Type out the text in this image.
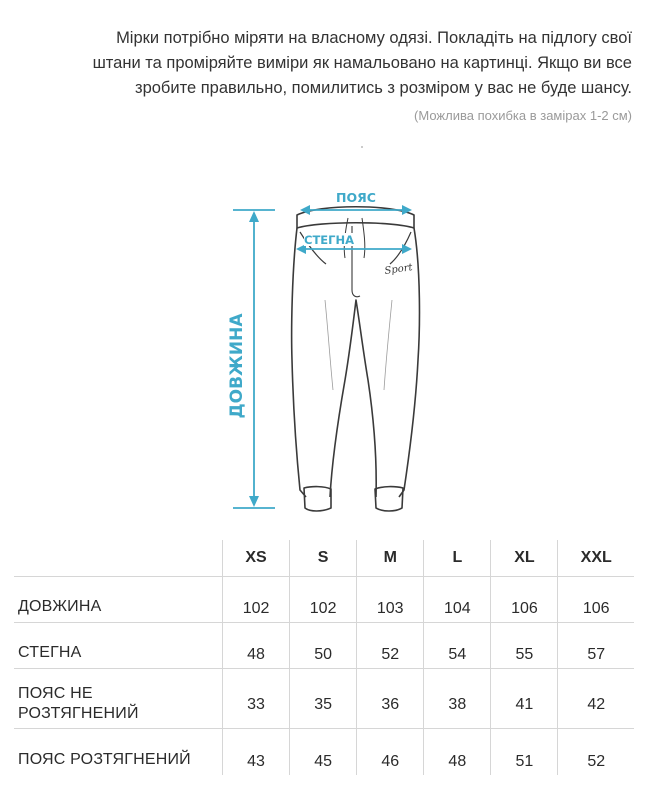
Мірки потрібно міряти на власному одязі. Покладіть на підлогу свої
штани та проміряйте виміри як намальовано на картинці. Якщо ви все
зробите правильно, помилитись з розміром у вас не буде шансу.
(Можлива похибка в замірах 1-2 см)
Sport
ПОЯС
СТЕГНА
ДОВЖИНА
	XS	S	M	L	XL	XXL
ДОВЖИНА	102	102	103	104	106	106
СТЕГНА	48	50	52	54	55	57

ПОЯС НЕ
РОЗТЯГНЕНИЙ	33	35	36	38	41	42
ПОЯС РОЗТЯГНЕНИЙ	43	45	46	48	51	52
